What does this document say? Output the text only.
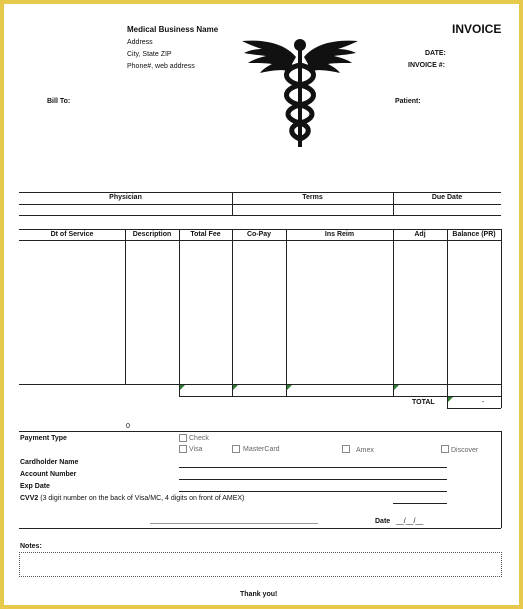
Medical Business Name
Address
City, State ZIP
Phone#, web address
INVOICE
DATE:
INVOICE #:
Bill To:	Patient:
Physician	Terms	Due Date
Dt of Service	Description	Total Fee	Co-Pay	Ins Reim	Adj	Balance (PR)
TOTAL	-
0
Payment Type	Check
Visa	MasterCard	Amex	Discover
Cardholder Name
Account Number
Exp Date
CVV2 (3 digit number on the back of Visa/MC, 4 digits on front of AMEX)
Date __/__/__
Notes:
Thank you!
